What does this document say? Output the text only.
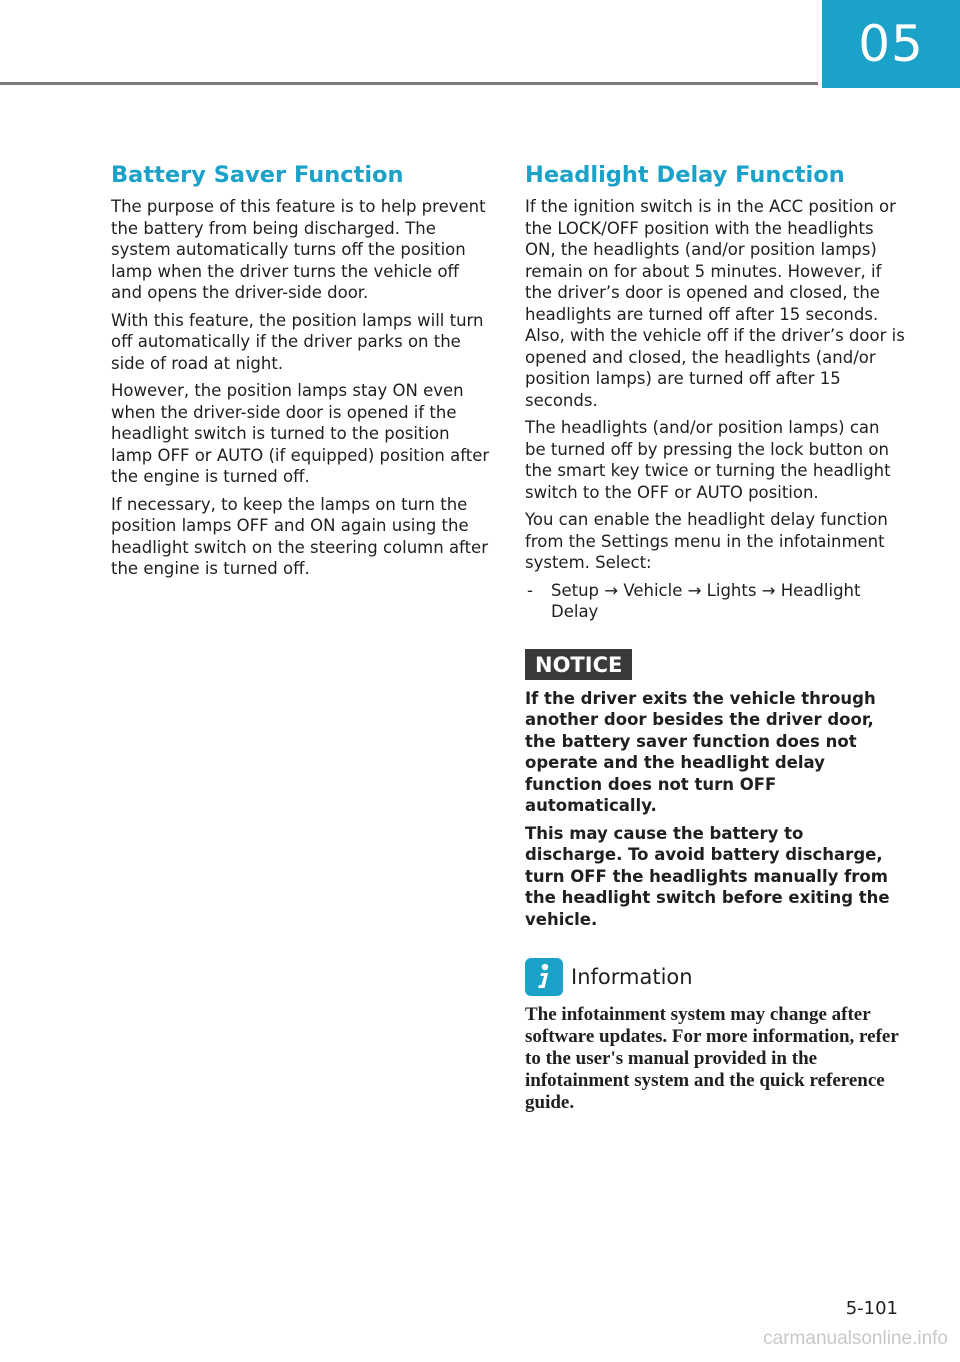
05
Battery Saver Function

The purpose of this feature is to help prevent the battery from being discharged. The system automatically turns off the position lamp when the driver turns the vehicle off and opens the driver-side door.

With this feature, the position lamps will turn off automatically if the driver parks on the side of road at night.

However, the position lamps stay ON even when the driver-side door is opened if the headlight switch is turned to the position lamp OFF or AUTO (if equipped) position after the engine is turned off.

If necessary, to keep the lamps on turn the position lamps OFF and ON again using the headlight switch on the steering column after the engine is turned off.

Headlight Delay Function

If the ignition switch is in the ACC position or the LOCK/OFF position with the headlights ON, the headlights (and/or position lamps) remain on for about 5 minutes. However, if the driver’s door is opened and closed, the headlights are turned off after 15 seconds. Also, with the vehicle off if the driver’s door is opened and closed, the headlights (and/or position lamps) are turned off after 15 seconds.

The headlights (and/or position lamps) can be turned off by pressing the lock button on the smart key twice or turning the headlight switch to the OFF or AUTO position.

You can enable the headlight delay function from the Settings menu in the infotainment system. Select:

- Setup → Vehicle → Lights → Headlight Delay
NOTICE

If the driver exits the vehicle through another door besides the driver door, the battery saver function does not operate and the headlight delay function does not turn OFF automatically.

This may cause the battery to discharge. To avoid battery discharge, turn OFF the headlights manually from the headlight switch before exiting the vehicle.

Information

The infotainment system may change after software updates. For more information, refer to the user's manual provided in the infotainment system and the quick reference guide.

5-101
carmanualsonline.info
